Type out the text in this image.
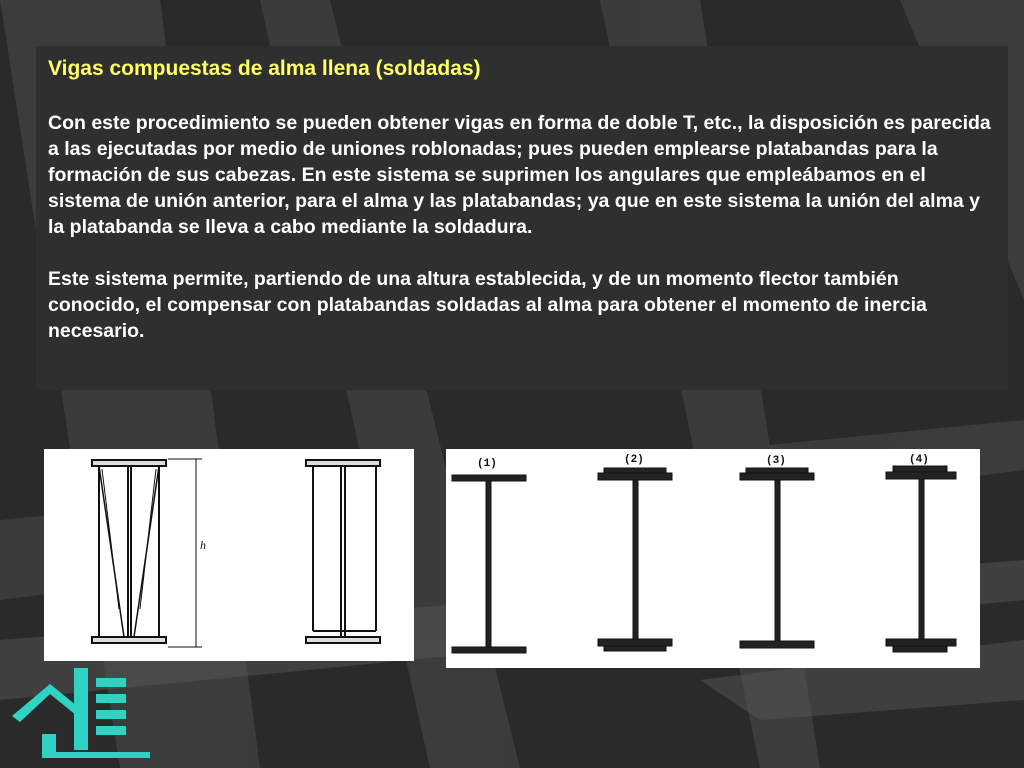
Vigas compuestas de alma llena (soldadas)

Con este procedimiento se pueden obtener vigas en forma de doble T, etc., la disposición es parecida a las ejecutadas por medio de uniones roblonadas; pues pueden emplearse platabandas para la formación de sus cabezas. En este sistema se suprimen los angulares que empleábamos en el sistema de unión anterior, para el alma y las platabandas; ya que en este sistema la unión del alma y la platabanda se lleva a cabo mediante la soldadura.

Este sistema permite, partiendo de una altura establecida, y de un momento flector también conocido, el compensar con platabandas soldadas al alma para obtener el momento de inercia necesario.

h
(1)	(2)	(3)	(4)
